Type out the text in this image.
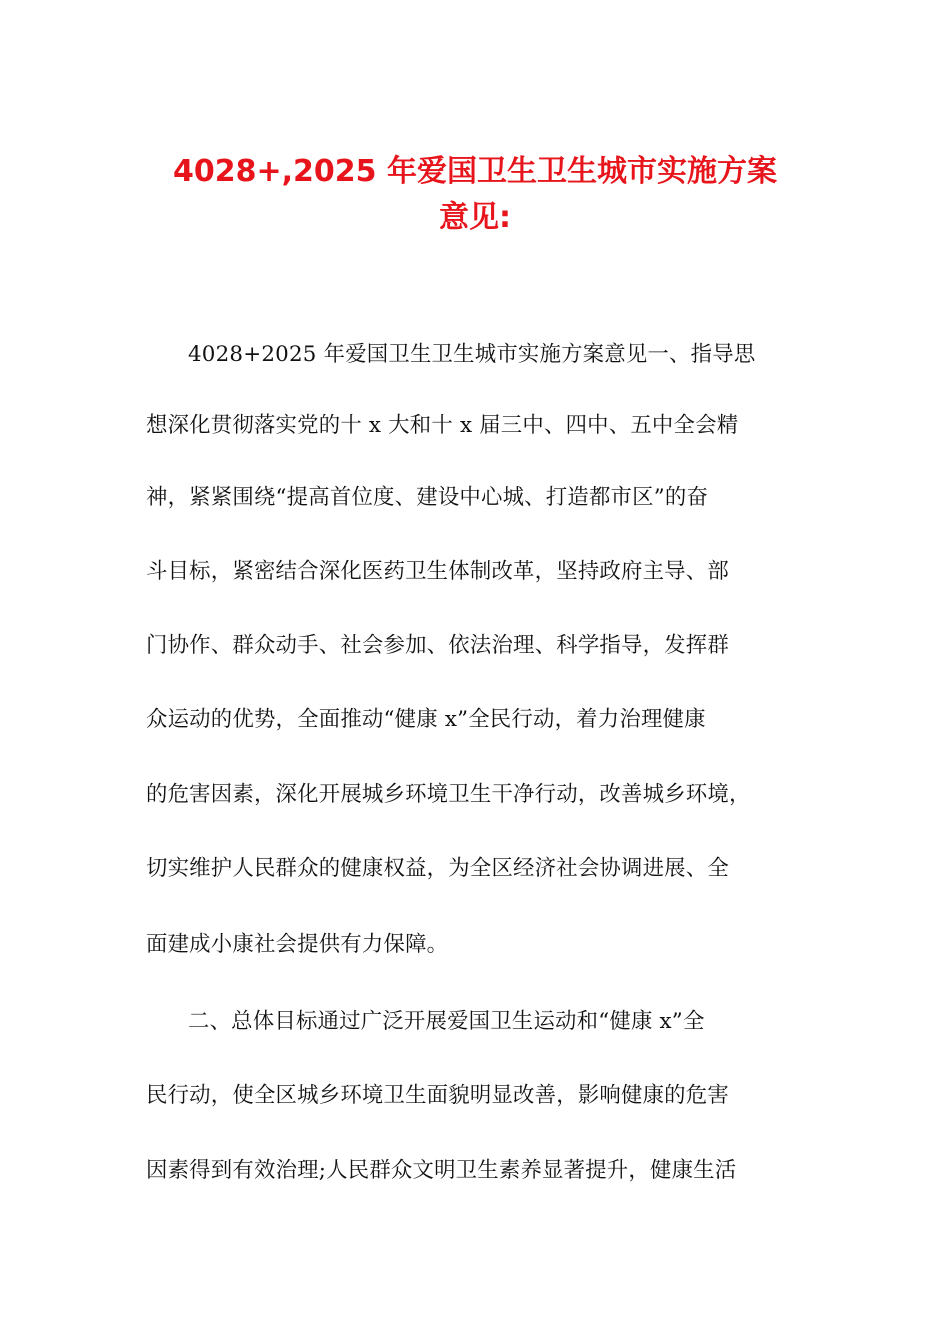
4028+,2025 年爱国卫生卫生城市实施方案
意见:
4028+2025 年爱国卫生卫生城市实施方案意见一、指导思
想深化贯彻落实党的十 x 大和十 x 届三中、四中、五中全会精
神，紧紧围绕“提高首位度、建设中心城、打造都市区”的奋
斗目标，紧密结合深化医药卫生体制改革，坚持政府主导、部
门协作、群众动手、社会参加、依法治理、科学指导，发挥群
众运动的优势，全面推动“健康 x”全民行动，着力治理健康
的危害因素，深化开展城乡环境卫生干净行动，改善城乡环境，
切实维护人民群众的健康权益，为全区经济社会协调进展、全
面建成小康社会提供有力保障。
二、总体目标通过广泛开展爱国卫生运动和“健康 x”全
民行动，使全区城乡环境卫生面貌明显改善，影响健康的危害
因素得到有效治理;人民群众文明卫生素养显著提升，健康生活
